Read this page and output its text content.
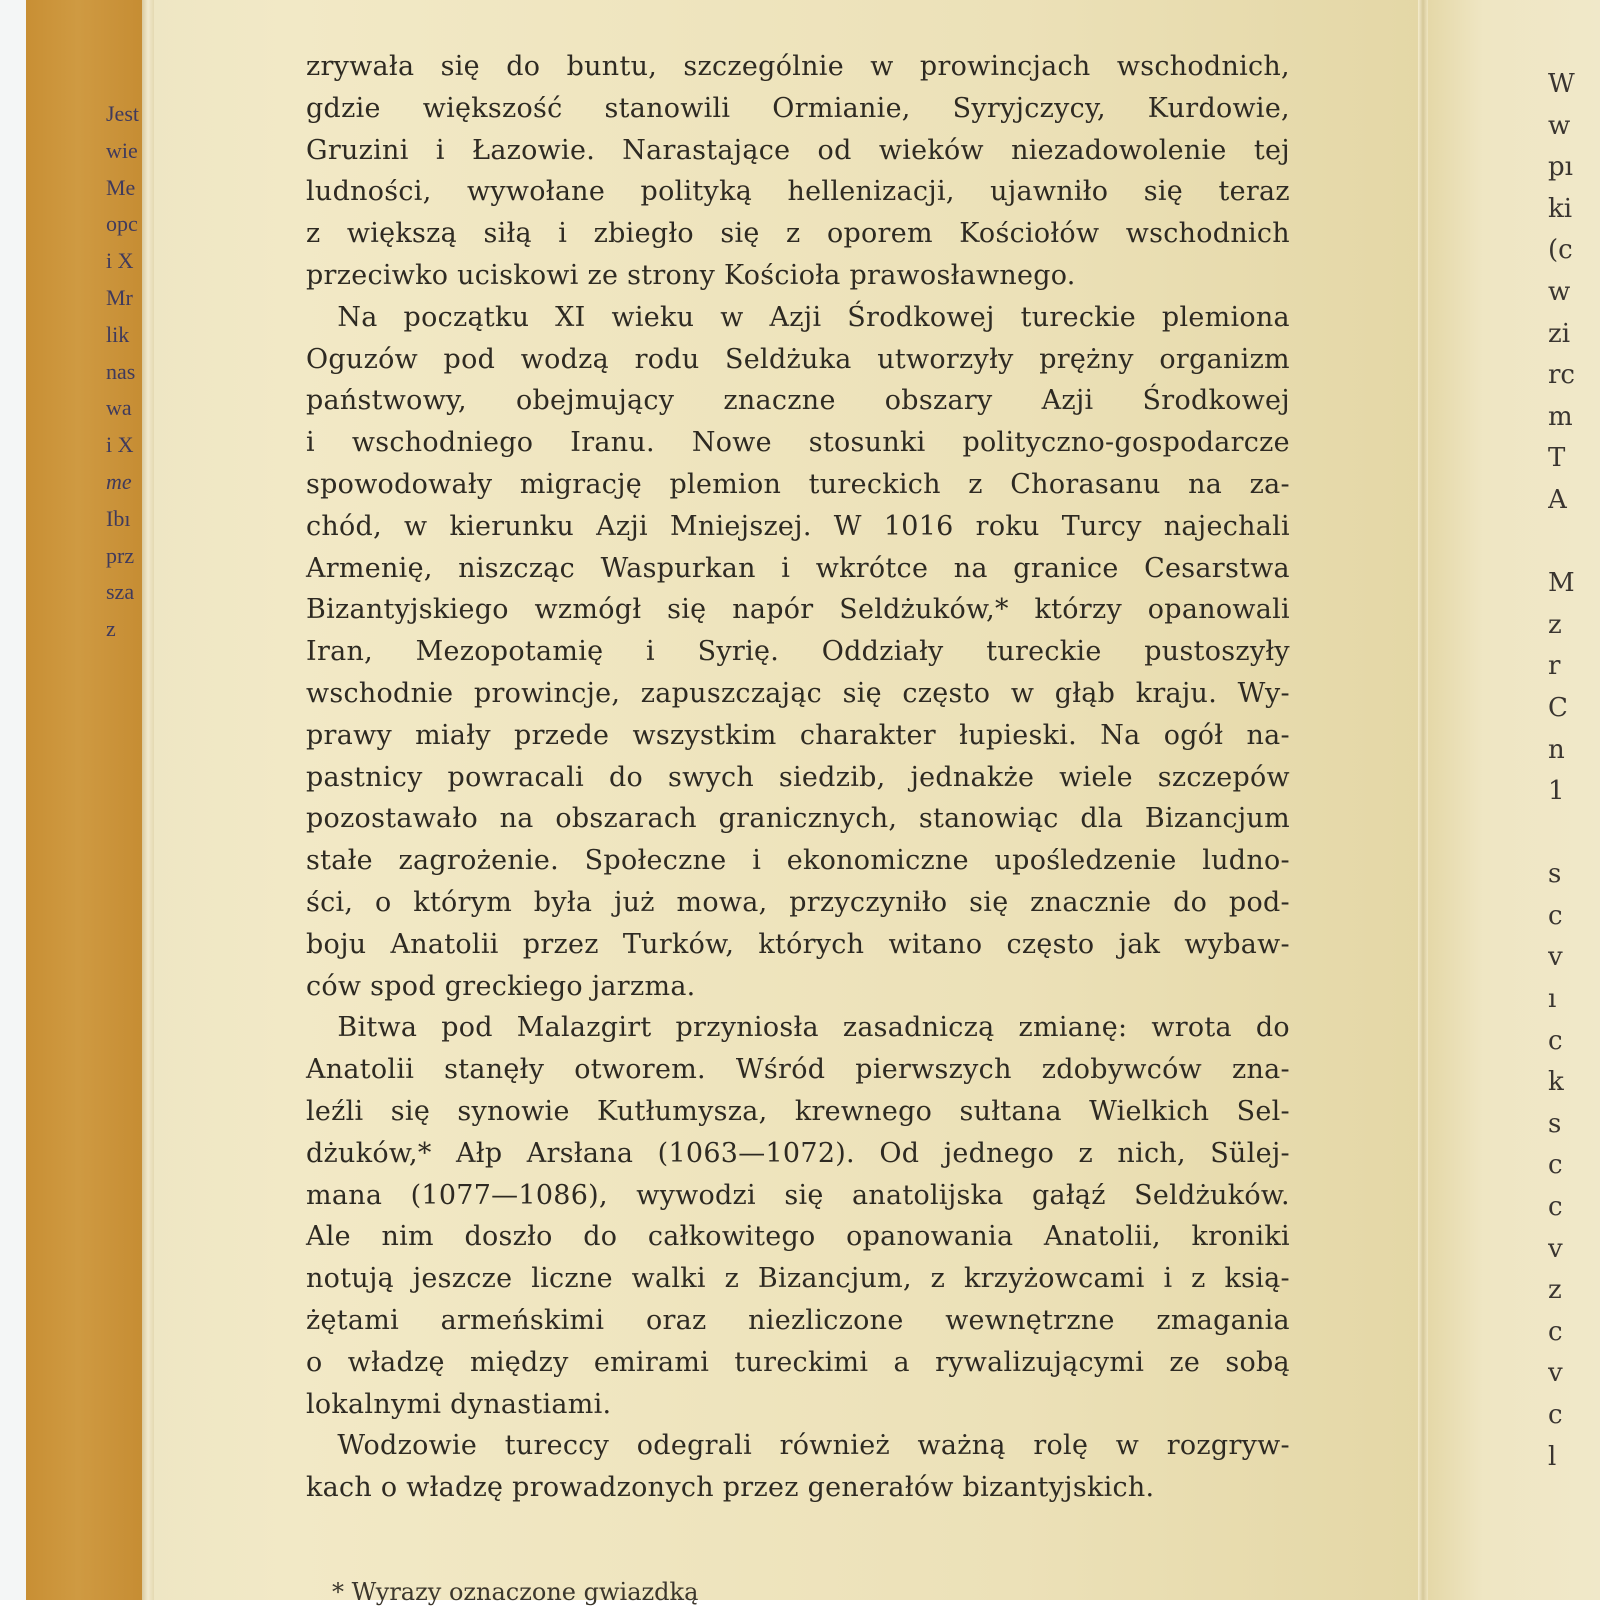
Jest
wie
Me
opc
i X
Mr
lik
nas
wa
i X
me
Ibı
prz
sza
z
zrywała się do buntu, szczególnie w prowincjach wschodnich,
gdzie większość stanowili Ormianie, Syryjczycy, Kurdowie,
Gruzini i Łazowie. Narastające od wieków niezadowolenie tej
ludności, wywołane polityką hellenizacji, ujawniło się teraz
z większą siłą i zbiegło się z oporem Kościołów wschodnich
przeciwko uciskowi ze strony Kościoła prawosławnego.
Na początku XI wieku w Azji Środkowej tureckie plemiona
Oguzów pod wodzą rodu Seldżuka utworzyły prężny organizm
państwowy, obejmujący znaczne obszary Azji Środkowej
i wschodniego Iranu. Nowe stosunki polityczno-gospodarcze
spowodowały migrację plemion tureckich z Chorasanu na za-
chód, w kierunku Azji Mniejszej. W 1016 roku Turcy najechali
Armenię, niszcząc Waspurkan i wkrótce na granice Cesarstwa
Bizantyjskiego wzmógł się napór Seldżuków,* którzy opanowali
Iran, Mezopotamię i Syrię. Oddziały tureckie pustoszyły
wschodnie prowincje, zapuszczając się często w głąb kraju. Wy-
prawy miały przede wszystkim charakter łupieski. Na ogół na-
pastnicy powracali do swych siedzib, jednakże wiele szczepów
pozostawało na obszarach granicznych, stanowiąc dla Bizancjum
stałe zagrożenie. Społeczne i ekonomiczne upośledzenie ludno-
ści, o którym była już mowa, przyczyniło się znacznie do pod-
boju Anatolii przez Turków, których witano często jak wybaw-
ców spod greckiego jarzma.
Bitwa pod Malazgirt przyniosła zasadniczą zmianę: wrota do
Anatolii stanęły otworem. Wśród pierwszych zdobywców zna-
leźli się synowie Kutłumysza, krewnego sułtana Wielkich Sel-
dżuków,* Ałp Arsłana (1063—1072). Od jednego z nich, Sülej-
mana (1077—1086), wywodzi się anatolijska gałąź Seldżuków.
Ale nim doszło do całkowitego opanowania Anatolii, kroniki
notują jeszcze liczne walki z Bizancjum, z krzyżowcami i z ksią-
żętami armeńskimi oraz niezliczone wewnętrzne zmagania
o władzę między emirami tureckimi a rywalizującymi ze sobą
lokalnymi dynastiami.
Wodzowie tureccy odegrali również ważną rolę w rozgryw-
kach o władzę prowadzonych przez generałów bizantyjskich.
* Wyrazy oznaczone gwiazdką
W
w
pı
ki
(c
w
zi
rc
m
T
A
M
z
r
C
n
1
s
c
v
ı
c
k
s
c
c
v
z
c
v
c
l
